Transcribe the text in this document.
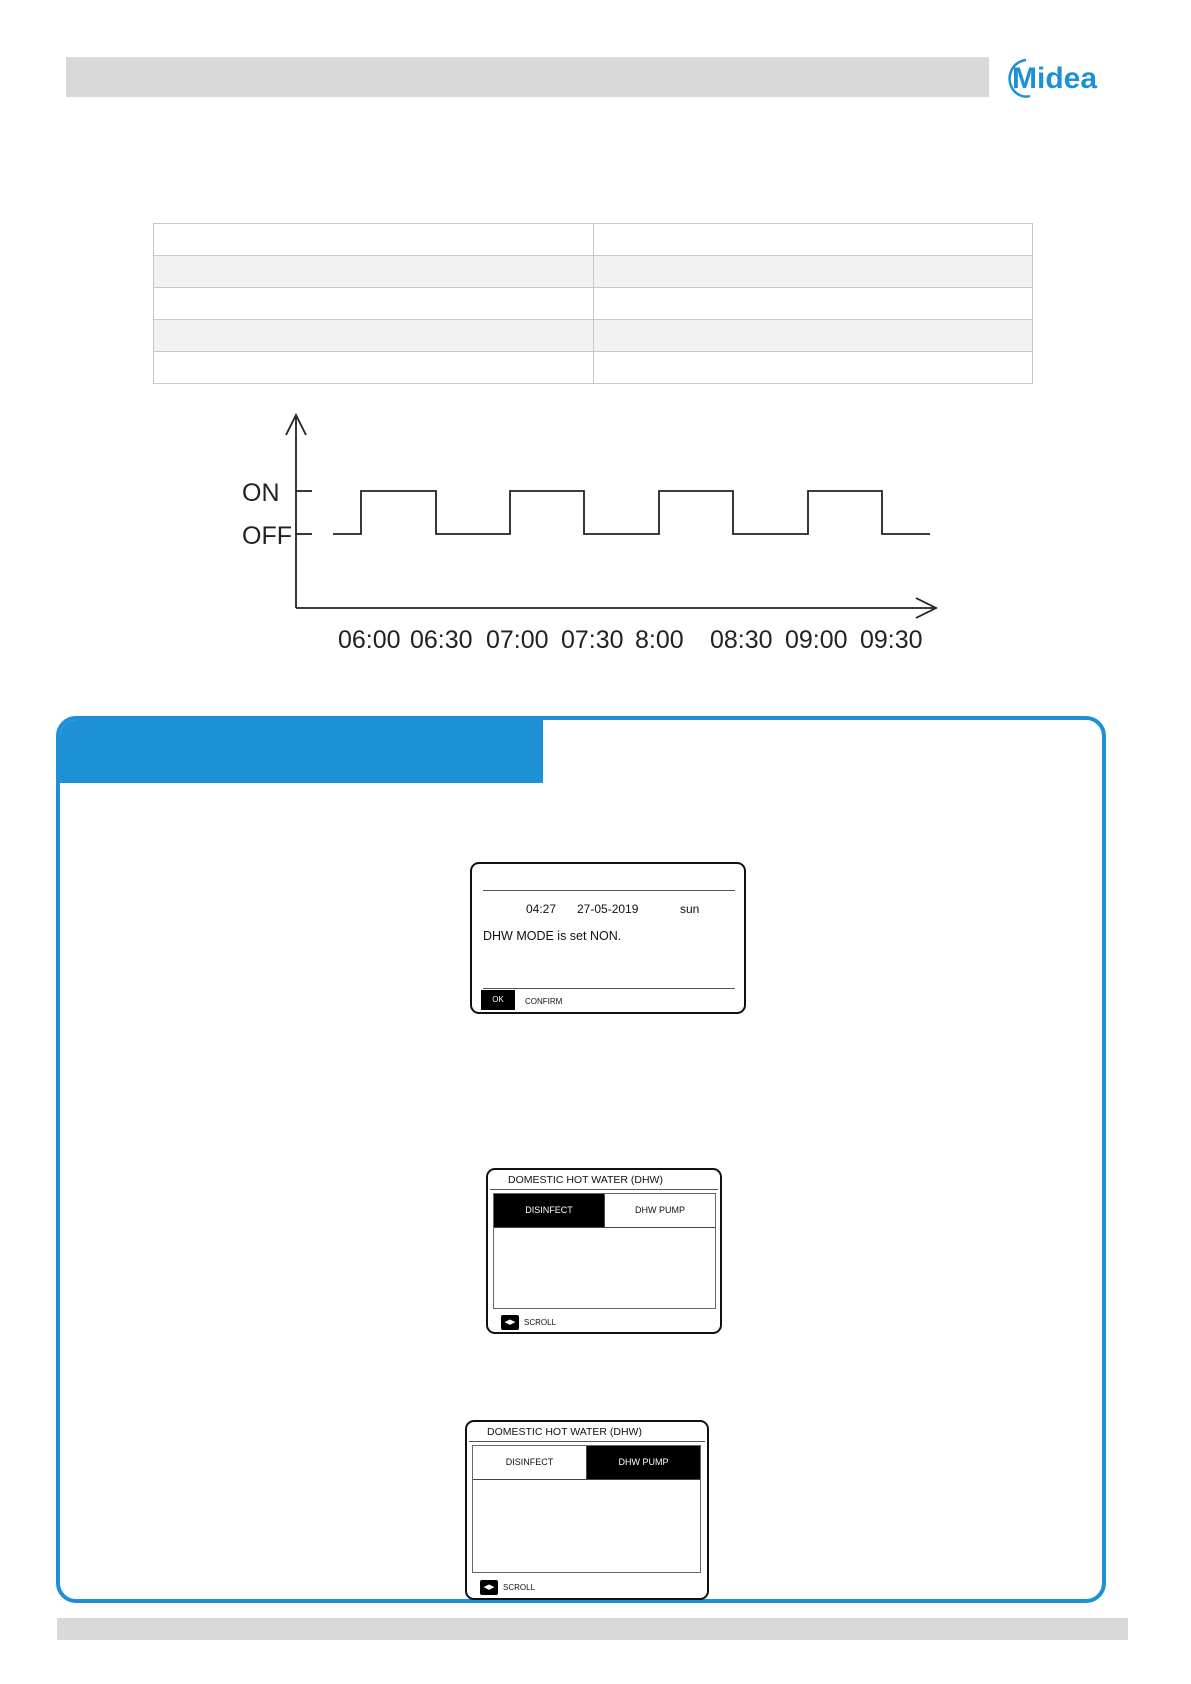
Midea

ON
OFF
06:00 06:30 07:00 07:30 8:00 08:30 09:00 09:30
04:27 27-05-2019	sun
DHW MODE is set NON.
OK	CONFIRM
DOMESTIC HOT WATER (DHW)
DISINFECT	DHW PUMP
◀▶	SCROLL
DOMESTIC HOT WATER (DHW)
DISINFECT	DHW PUMP
◀▶	SCROLL
